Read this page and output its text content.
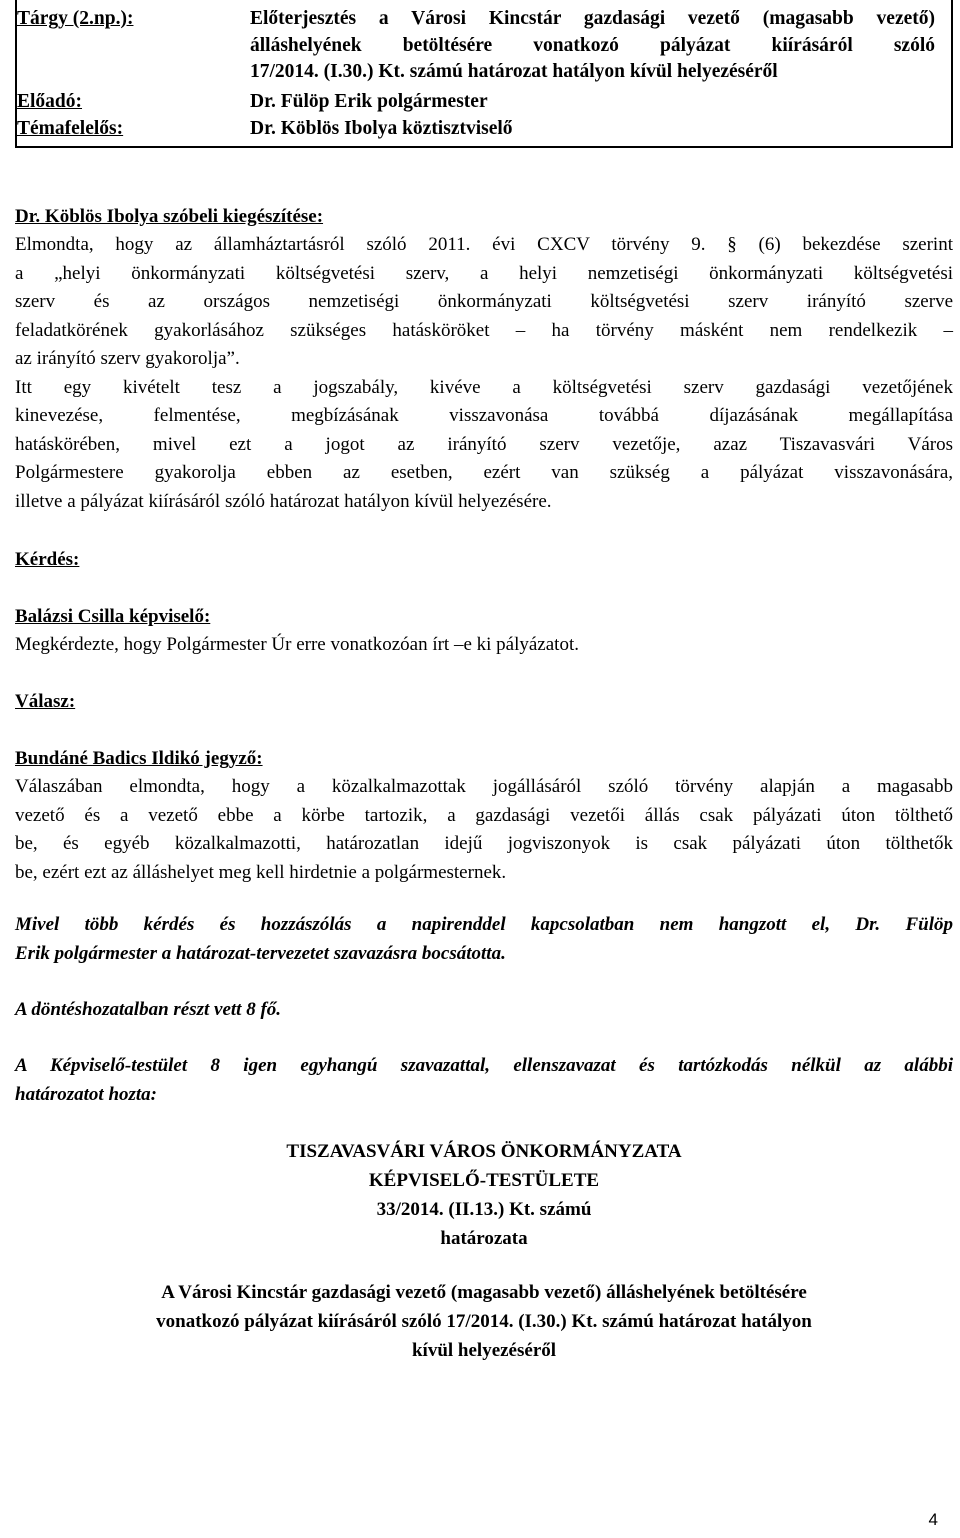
Tárgy (2.np.):	Előterjesztés a Városi Kincstár gazdasági vezető (magasabb vezető)
álláshelyének betöltésére vonatkozó pályázat kiírásáról szóló
17/2014. (I.30.) Kt. számú határozat hatályon kívül helyezéséről
Előadó:	Dr. Fülöp Erik polgármester
Témafelelős:	Dr. Köblös Ibolya köztisztviselő
Dr. Köblös Ibolya szóbeli kiegészítése:
Elmondta, hogy az államháztartásról szóló 2011. évi CXCV törvény 9. § (6) bekezdése szerint
a „helyi önkormányzati költségvetési szerv, a helyi nemzetiségi önkormányzati költségvetési
szerv és az országos nemzetiségi önkormányzati költségvetési szerv irányító szerve
feladatkörének gyakorlásához szükséges hatásköröket – ha törvény másként nem rendelkezik –
az irányító szerv gyakorolja”.
Itt egy kivételt tesz a jogszabály, kivéve a költségvetési szerv gazdasági vezetőjének
kinevezése, felmentése, megbízásának visszavonása továbbá díjazásának megállapítása
hatáskörében, mivel ezt a jogot az irányító szerv vezetője, azaz Tiszavasvári Város
Polgármestere gyakorolja ebben az esetben, ezért van szükség a pályázat visszavonására,
illetve a pályázat kiírásáról szóló határozat hatályon kívül helyezésére.
Kérdés:
Balázsi Csilla képviselő:
Megkérdezte, hogy Polgármester Úr erre vonatkozóan írt –e ki pályázatot.
Válasz:
Bundáné Badics Ildikó jegyző:
Válaszában elmondta, hogy a közalkalmazottak jogállásáról szóló törvény alapján a magasabb
vezető és a vezető ebbe a körbe tartozik, a gazdasági vezetői állás csak pályázati úton tölthető
be, és egyéb közalkalmazotti, határozatlan idejű jogviszonyok is csak pályázati úton tölthetők
be, ezért ezt az álláshelyet meg kell hirdetnie a polgármesternek.
Mivel több kérdés és hozzászólás a napirenddel kapcsolatban nem hangzott el, Dr. Fülöp
Erik polgármester a határozat-tervezetet szavazásra bocsátotta.
A döntéshozatalban részt vett 8 fő.
A Képviselő-testület 8 igen egyhangú szavazattal, ellenszavazat és tartózkodás nélkül az alábbi
határozatot hozta:
TISZAVASVÁRI VÁROS ÖNKORMÁNYZATA
KÉPVISELŐ-TESTÜLETE
33/2014. (II.13.) Kt. számú
határozata
A Városi Kincstár gazdasági vezető (magasabb vezető) álláshelyének betöltésére
vonatkozó pályázat kiírásáról szóló 17/2014. (I.30.) Kt. számú határozat hatályon
kívül helyezéséről
4
